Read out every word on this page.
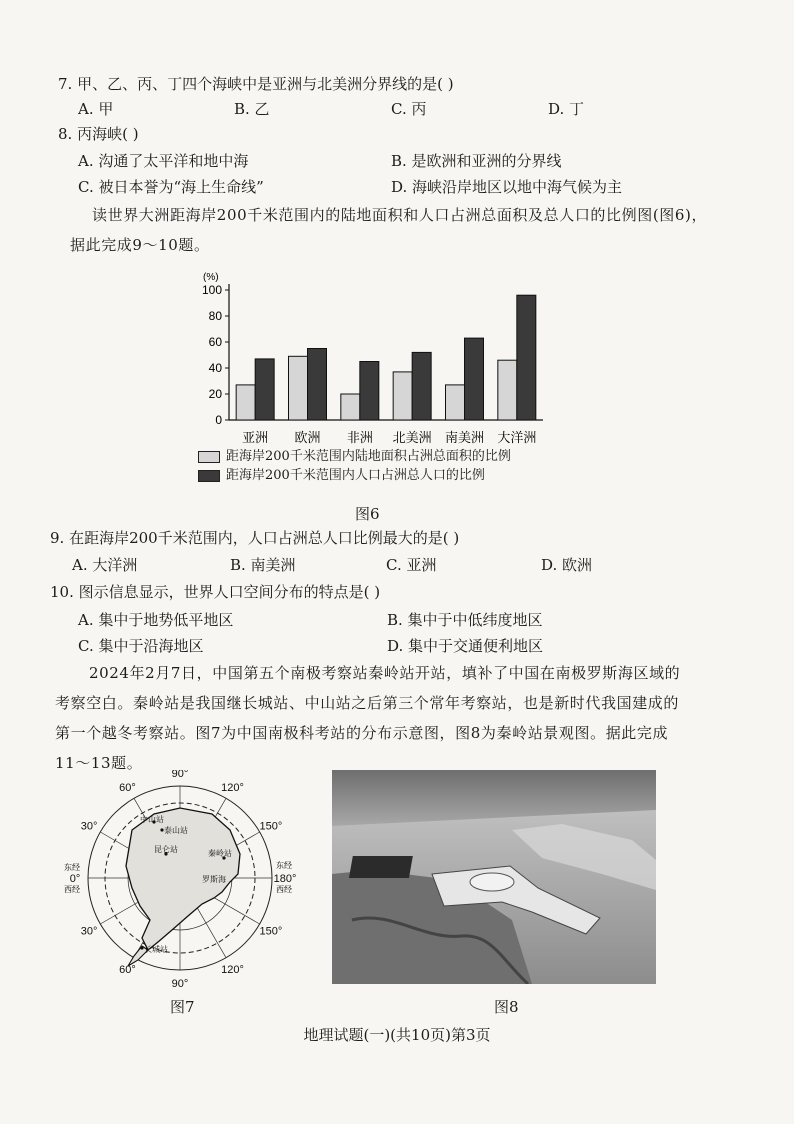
7. 甲、乙、丙、丁四个海峡中是亚洲与北美洲分界线的是( )
A. 甲	B. 乙	C. 丙	D. 丁
8. 丙海峡( )
A. 沟通了太平洋和地中海	B. 是欧洲和亚洲的分界线
C. 被日本誉为“海上生命线”	D. 海峡沿岸地区以地中海气候为主
读世界大洲距海岸200千米范围内的陆地面积和人口占洲总面积及总人口的比例图(图6)，据此完成9～10题。
(%)
0
20
40
60
80
100
亚洲 欧洲 非洲 北美洲 南美洲 大洋洲
距海岸200千米范围内陆地面积占洲总面积的比例
距海岸200千米范围内人口占洲总人口的比例
图6
9. 在距海岸200千米范围内，人口占洲总人口比例最大的是( )
A. 大洋洲	B. 南美洲	C. 亚洲	D. 欧洲
10. 图示信息显示，世界人口空间分布的特点是( )
A. 集中于地势低平地区	B. 集中于中低纬度地区
C. 集中于沿海地区	D. 集中于交通便利地区
2024年2月7日，中国第五个南极考察站秦岭站开站，填补了中国在南极罗斯海区域的考察空白。秦岭站是我国继长城站、中山站之后第三个常年考察站，也是新时代我国建成的第一个越冬考察站。图7为中国南极科考站的分布示意图，图8为秦岭站景观图。据此完成11～13题。
90°
120°
150°
180°
150°
120°
90°
60°
30°
0°
30°
60°
东经
西经
东经
西经
中山站
泰山站
昆仑站	秦岭站
罗斯海
长城站
图7	图8
地理试题(一)(共10页)第3页
